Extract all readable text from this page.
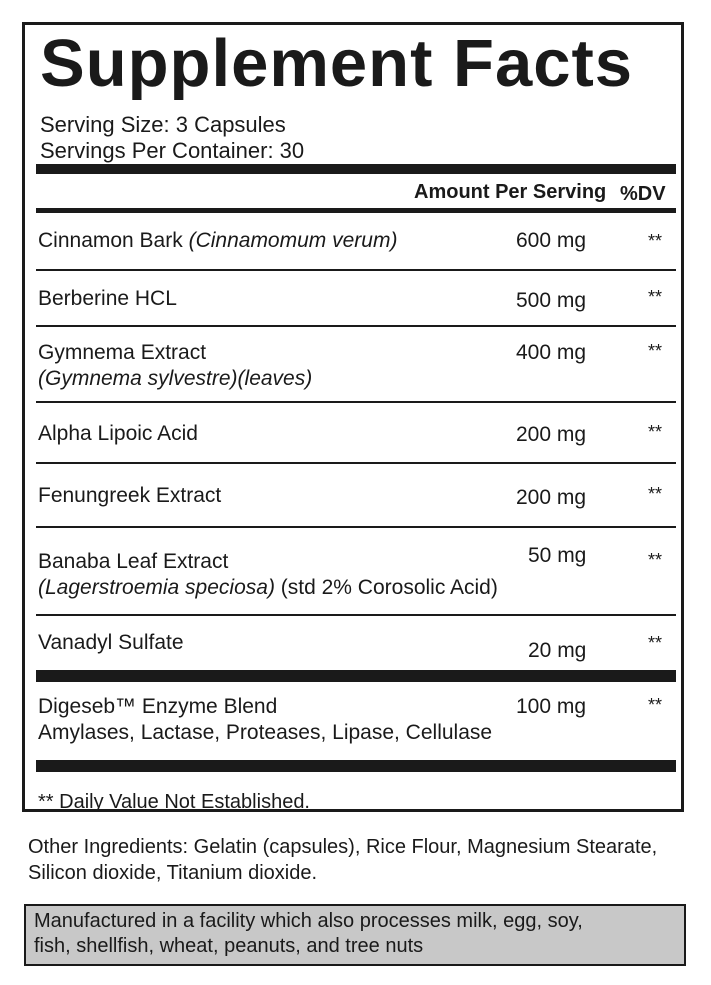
Supplement Facts
Serving Size: 3 Capsules
Servings Per Container: 30
Amount Per Serving %DV
Cinnamon Bark (Cinnamomum verum)	600 mg	**
Berberine HCL	500 mg	**
Gymnema Extract
(Gymnema sylvestre)(leaves)
400 mg	**
Alpha Lipoic Acid	200 mg	**
Fenungreek Extract	200 mg	**
Banaba Leaf Extract
(Lagerstroemia speciosa) (std 2% Corosolic Acid)
50 mg	**
Vanadyl Sulfate	20 mg	**
Digeseb™ Enzyme Blend
Amylases, Lactase, Proteases, Lipase, Cellulase
100 mg	**
** Daily Value Not Established.
Other Ingredients: Gelatin (capsules), Rice Flour, Magnesium Stearate,
Silicon dioxide, Titanium dioxide.
Manufactured in a facility which also processes milk, egg, soy,
fish, shellfish, wheat, peanuts, and tree nuts
